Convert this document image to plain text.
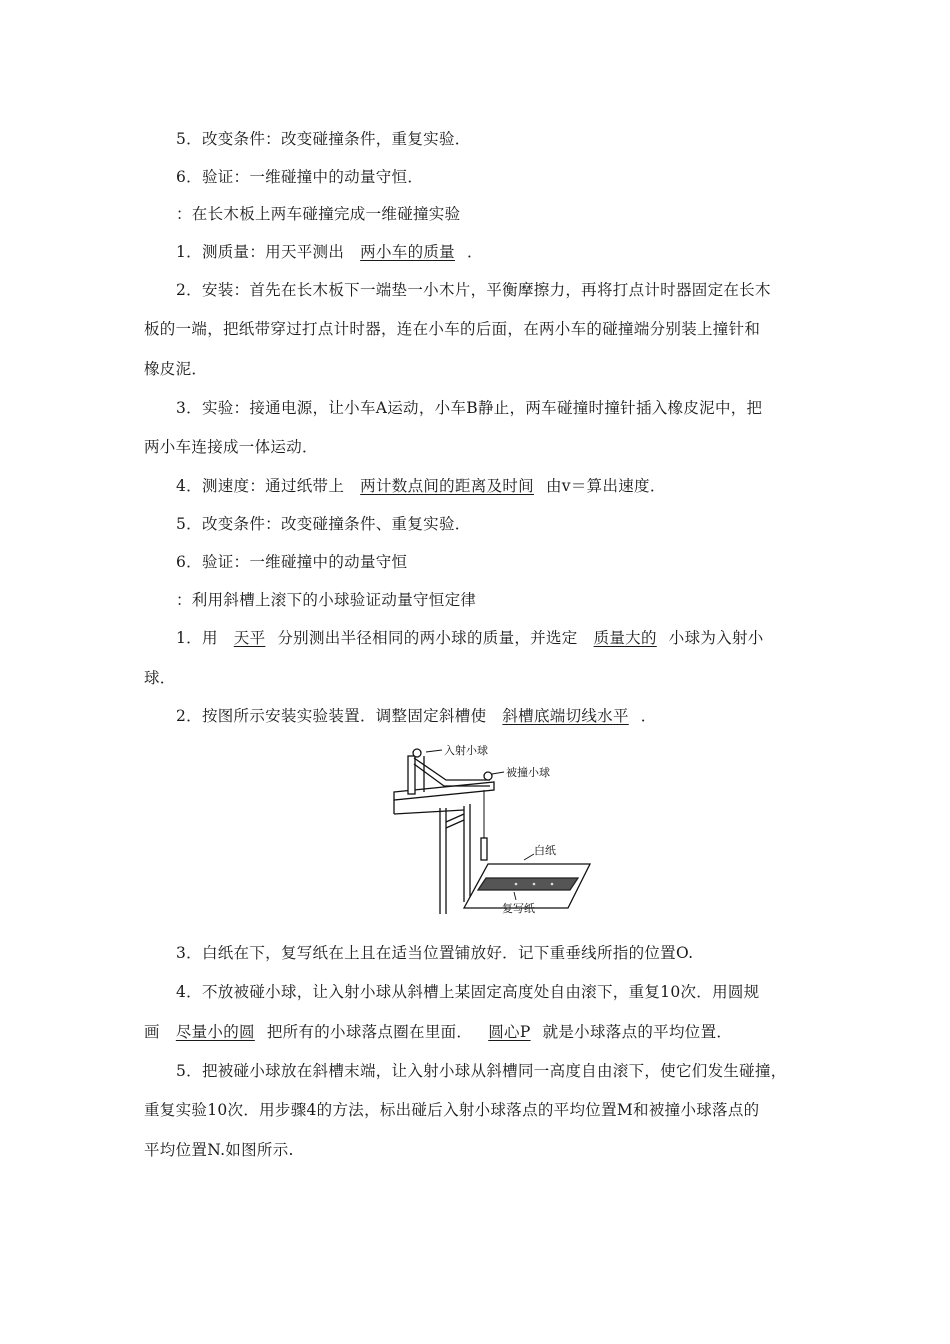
5．改变条件：改变碰撞条件，重复实验．
6．验证：一维碰撞中的动量守恒．
：在长木板上两车碰撞完成一维碰撞实验
1．测质量：用天平测出 两小车的质量 ．
2．安装：首先在长木板下一端垫一小木片，平衡摩擦力，再将打点计时器固定在长木
板的一端，把纸带穿过打点计时器，连在小车的后面，在两小车的碰撞端分别装上撞针和
橡皮泥．
3．实验：接通电源，让小车A运动，小车B静止，两车碰撞时撞针插入橡皮泥中，把
两小车连接成一体运动．
4．测速度：通过纸带上 两计数点间的距离及时间 由v＝算出速度．
5．改变条件：改变碰撞条件、重复实验．
6．验证：一维碰撞中的动量守恒
：利用斜槽上滚下的小球验证动量守恒定律
1．用 天平 分别测出半径相同的两小球的质量，并选定 质量大的 小球为入射小
球．
2．按图所示安装实验装置．调整固定斜槽使 斜槽底端切线水平 ．
入射小球
被撞小球
白纸
复写纸
3．白纸在下，复写纸在上且在适当位置铺放好．记下重垂线所指的位置O.
4．不放被碰小球，让入射小球从斜槽上某固定高度处自由滚下，重复10次．用圆规
画 尽量小的圆 把所有的小球落点圈在里面． 圆心P 就是小球落点的平均位置．
5．把被碰小球放在斜槽末端，让入射小球从斜槽同一高度自由滚下，使它们发生碰撞，
重复实验10次．用步骤4的方法，标出碰后入射小球落点的平均位置M和被撞小球落点的
平均位置N.如图所示.
